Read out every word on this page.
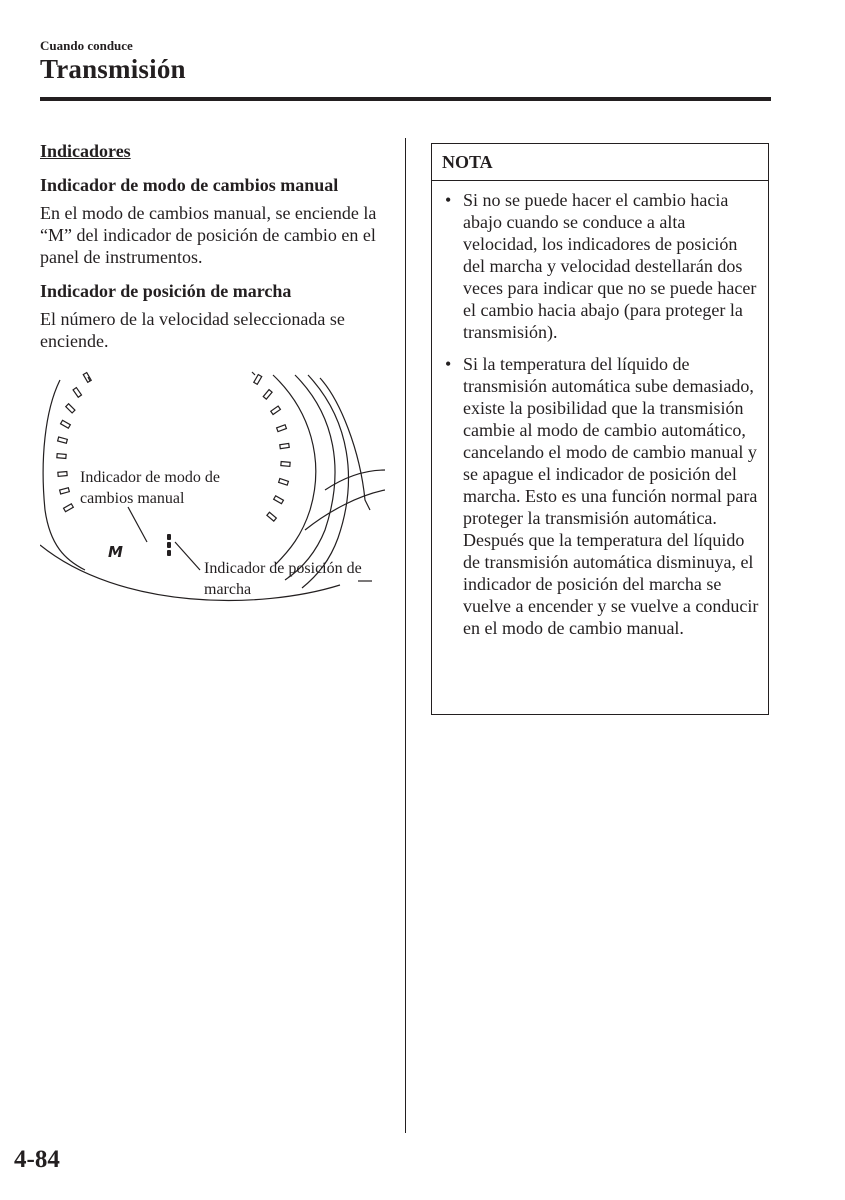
Cuando conduce
Transmisión
Indicadores
Indicador de modo de cambios manual
En el modo de cambios manual, se enciende la “M” del indicador de posición de cambio en el panel de instrumentos.
Indicador de posición de marcha
El número de la velocidad seleccionada se enciende.
M
Indicador de modo de cambios manual
Indicador de posición de marcha
NOTA
• Si no se puede hacer el cambio hacia abajo cuando se conduce a alta velocidad, los indicadores de posición del marcha y velocidad destellarán dos veces para indicar que no se puede hacer el cambio hacia abajo (para proteger la transmisión).
• Si la temperatura del líquido de transmisión automática sube demasiado, existe la posibilidad que la transmisión cambie al modo de cambio automático, cancelando el modo de cambio manual y se apague el indicador de posición del marcha. Esto es una función normal para proteger la transmisión automática. Después que la temperatura del líquido de transmisión automática disminuya, el indicador de posición del marcha se vuelve a encender y se vuelve a conducir en el modo de cambio manual.
4-84
